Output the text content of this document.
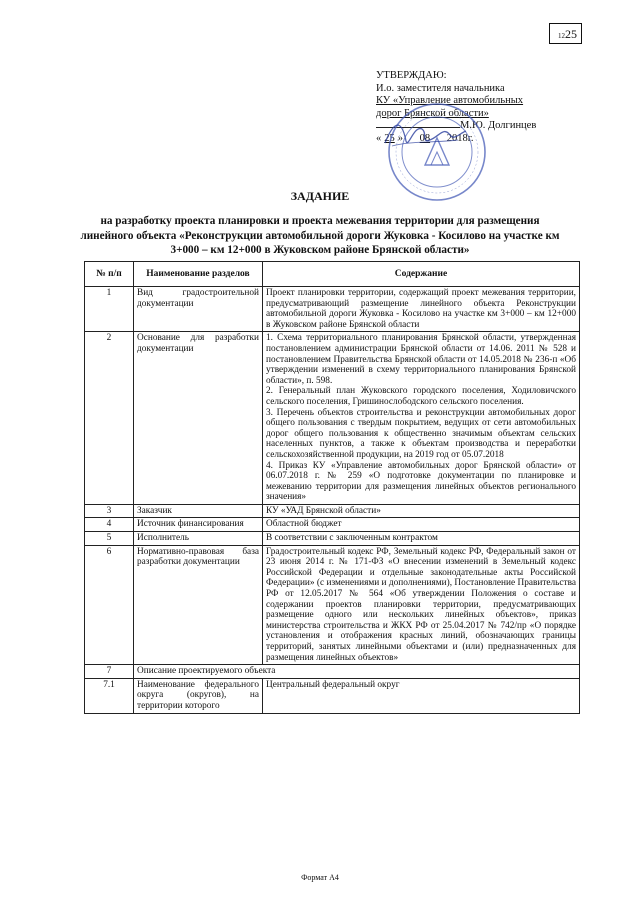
1225
УТВЕРЖДАЮ:
И.о. заместителя начальника
КУ «Управление автомобильных
дорог Брянской области»
М.Ю. Долгинцев
« 25 » 08 2018г.
ЗАДАНИЕ
на разработку проекта планировки и проекта межевания территории для размещения линейного объекта «Реконструкции автомобильной дороги Жуковка - Косилово на участке км 3+000 – км 12+000 в Жуковском районе Брянской области»
№ п/п	Наименование разделов	Содержание
1	Вид градостроительной документации	Проект планировки территории, содержащий проект межевания территории, предусматривающий размещение линейного объекта Реконструкции автомобильной дороги Жуковка - Косилово на участке км 3+000 – км 12+000 в Жуковском районе Брянской области
2	Основание для разработки документации	1. Схема территориального планирования Брянской области, утвержденная постановлением администрации Брянской области от 14.06. 2011 № 528 и постановлением Правительства Брянской области от 14.05.2018 № 236-п «Об утверждении изменений в схему территориального планирования Брянской области», п. 598.
2. Генеральный план Жуковского городского поселения, Ходиловичского сельского поселения, Гришинослободского сельского поселения.
3. Перечень объектов строительства и реконструкции автомобильных дорог общего пользования с твердым покрытием, ведущих от сети автомобильных дорог общего пользования к общественно значимым объектам сельских населенных пунктов, а также к объектам производства и переработки сельскохозяйственной продукции, на 2019 год от 05.07.2018
4. Приказ КУ «Управление автомобильных дорог Брянской области» от 06.07.2018 г. № 259 «О подготовке документации по планировке и межеванию территории для размещения линейных объектов регионального значения»
3	Заказчик	КУ «УАД Брянской области»
4	Источник финансирования	Областной бюджет
5	Исполнитель	В соответствии с заключенным контрактом
6	Нормативно-правовая база разработки документации	Градостроительный кодекс РФ, Земельный кодекс РФ, Федеральный закон от 23 июня 2014 г. № 171-ФЗ «О внесении изменений в Земельный кодекс Российской Федерации и отдельные законодательные акты Российской Федерации» (с изменениями и дополнениями), Постановление Правительства РФ от 12.05.2017 № 564 «Об утверждении Положения о составе и содержании проектов планировки территории, предусматривающих размещение одного или нескольких линейных объектов», приказ министерства строительства и ЖКХ РФ от 25.04.2017 № 742/пр «О порядке установления и отображения красных линий, обозначающих границы территорий, занятых линейными объектами и (или) предназначенных для размещения линейных объектов»
7	Описание проектируемого объекта	
7.1	Наименование федерального округа (округов), на территории которого	Центральный федеральный округ
Формат А4
